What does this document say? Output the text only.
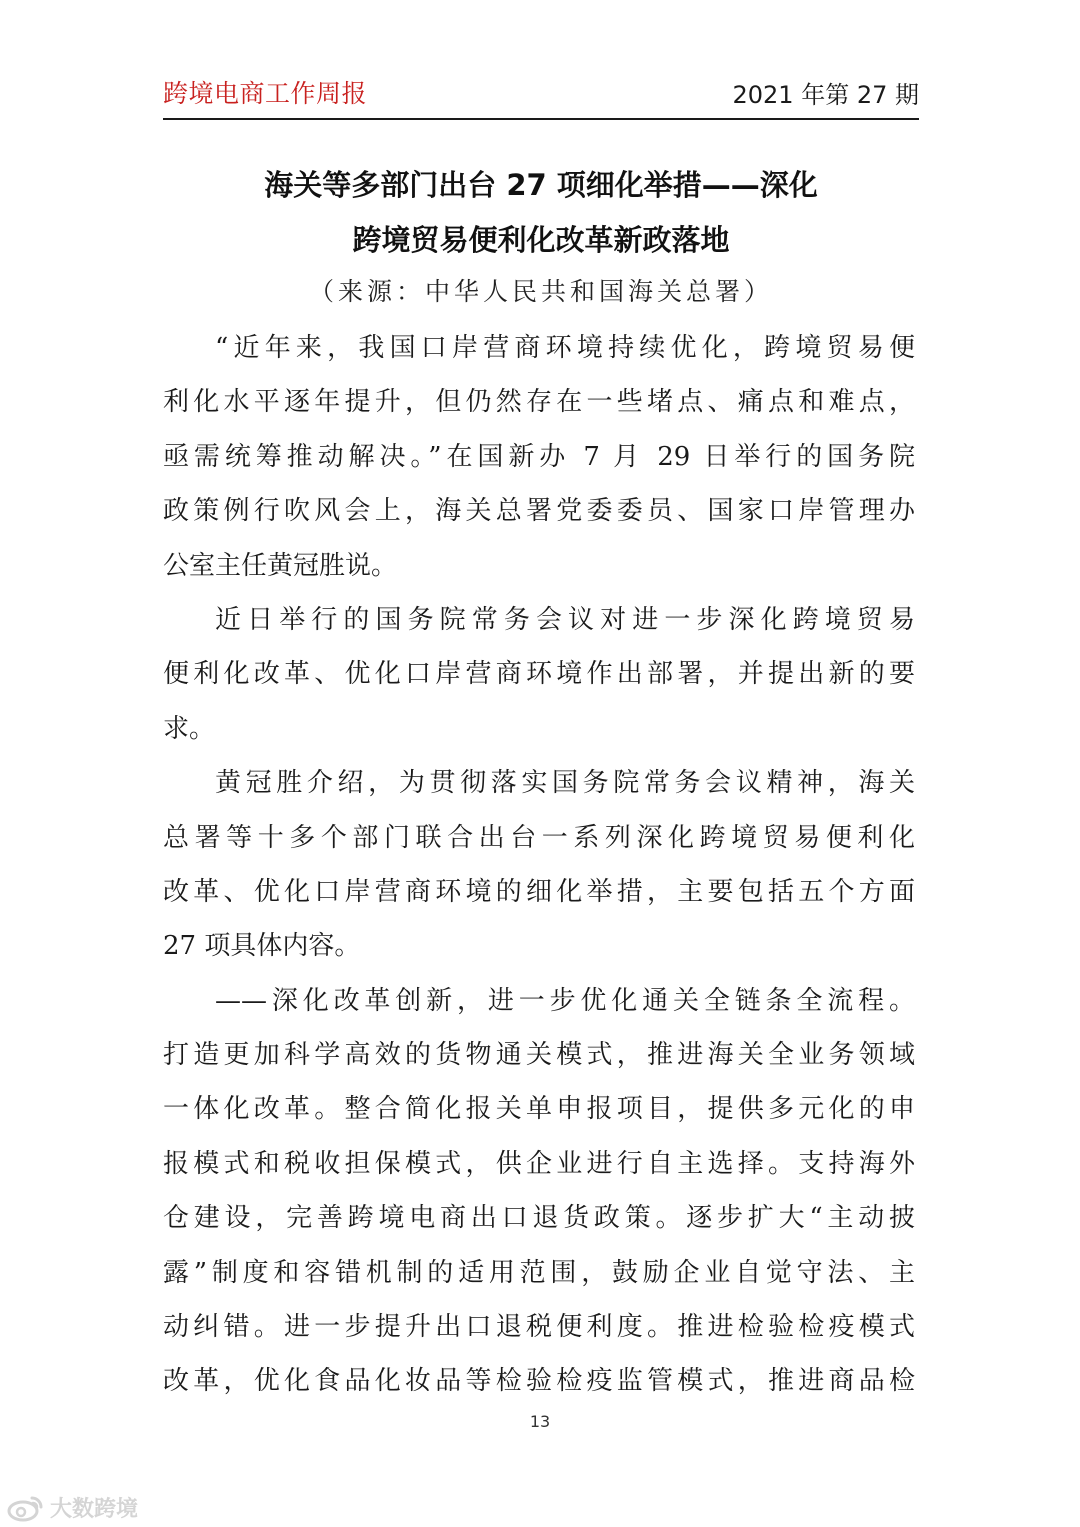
跨境电商工作周报	2021 年第 27 期
海关等多部门出台 27 项细化举措——深化
跨境贸易便利化改革新政落地
（来源：中华人民共和国海关总署）
“近年来，我国口岸营商环境持续优化，跨境贸易便
利化水平逐年提升，但仍然存在一些堵点、痛点和难点，
亟需统筹推动解决。”在国新办 7 月 29 日举行的国务院
政策例行吹风会上，海关总署党委委员、国家口岸管理办
公室主任黄冠胜说。
近日举行的国务院常务会议对进一步深化跨境贸易
便利化改革、优化口岸营商环境作出部署，并提出新的要
求。
黄冠胜介绍，为贯彻落实国务院常务会议精神，海关
总署等十多个部门联合出台一系列深化跨境贸易便利化
改革、优化口岸营商环境的细化举措，主要包括五个方面
27 项具体内容。
——深化改革创新，进一步优化通关全链条全流程。
打造更加科学高效的货物通关模式，推进海关全业务领域
一体化改革。整合简化报关单申报项目，提供多元化的申
报模式和税收担保模式，供企业进行自主选择。支持海外
仓建设，完善跨境电商出口退货政策。逐步扩大“主动披
露”制度和容错机制的适用范围，鼓励企业自觉守法、主
动纠错。进一步提升出口退税便利度。推进检验检疫模式
改革，优化食品化妆品等检验检疫监管模式，推进商品检
13
大数跨境
